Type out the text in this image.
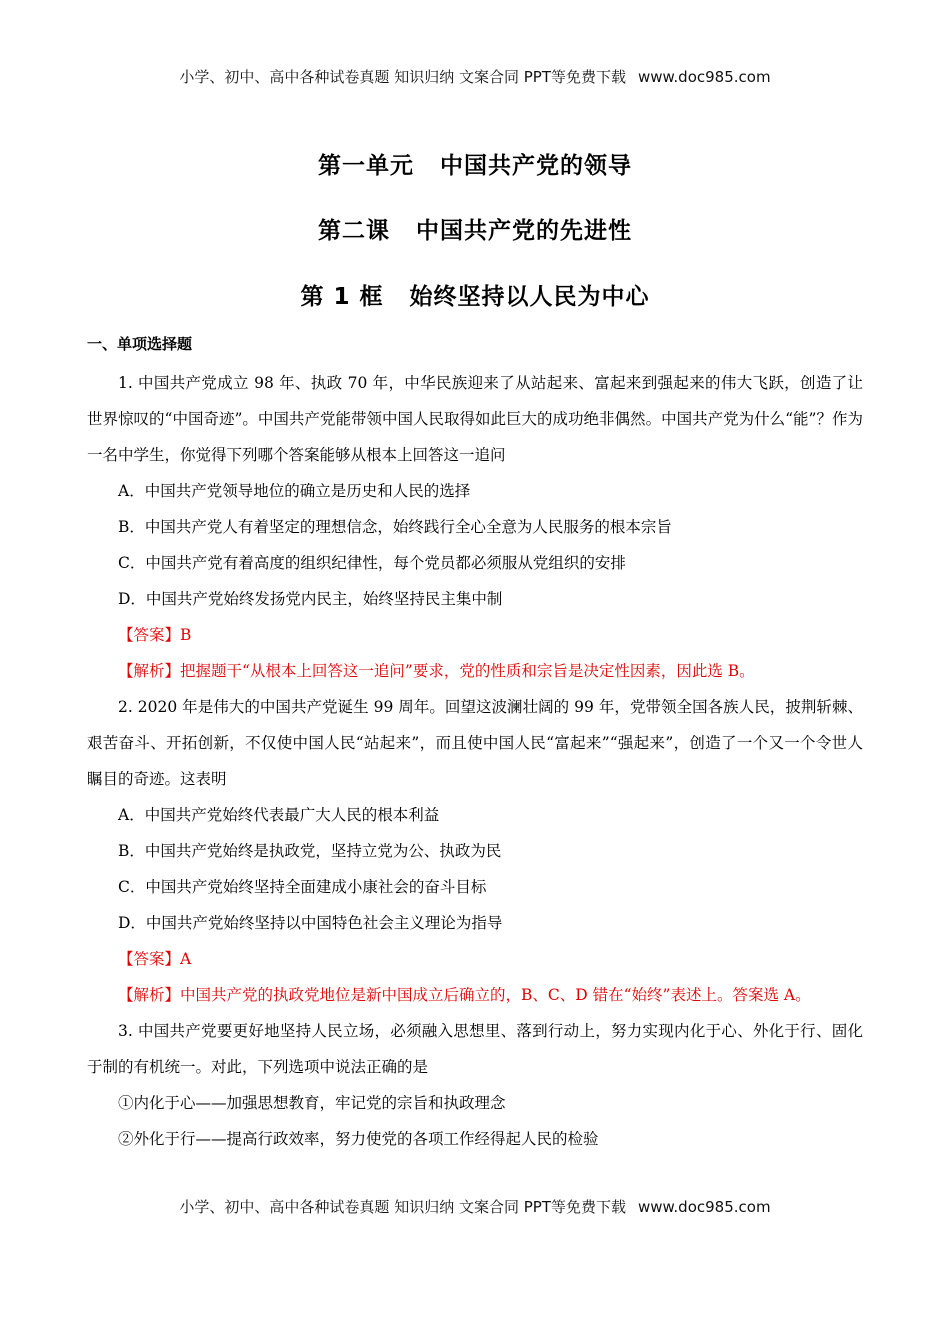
小学、初中、高中各种试卷真题 知识归纳 文案合同 PPT等免费下载 www.doc985.com
第一单元 中国共产党的领导
第二课 中国共产党的先进性
第 1 框 始终坚持以人民为中心
一、单项选择题

1. 中国共产党成立 98 年、执政 70 年，中华民族迎来了从站起来、富起来到强起来的伟大飞跃，创造了让世界惊叹的“中国奇迹”。中国共产党能带领中国人民取得如此巨大的成功绝非偶然。中国共产党为什么“能”？作为一名中学生，你觉得下列哪个答案能够从根本上回答这一追问

A．中国共产党领导地位的确立是历史和人民的选择

B．中国共产党人有着坚定的理想信念，始终践行全心全意为人民服务的根本宗旨

C．中国共产党有着高度的组织纪律性，每个党员都必须服从党组织的安排

D．中国共产党始终发扬党内民主，始终坚持民主集中制

【答案】B

【解析】把握题干“从根本上回答这一追问”要求，党的性质和宗旨是决定性因素，因此选 B。

2. 2020 年是伟大的中国共产党诞生 99 周年。回望这波澜壮阔的 99 年，党带领全国各族人民，披荆斩棘、艰苦奋斗、开拓创新，不仅使中国人民“站起来”，而且使中国人民“富起来”“强起来”，创造了一个又一个令世人瞩目的奇迹。这表明

A．中国共产党始终代表最广大人民的根本利益

B．中国共产党始终是执政党，坚持立党为公、执政为民

C．中国共产党始终坚持全面建成小康社会的奋斗目标

D．中国共产党始终坚持以中国特色社会主义理论为指导

【答案】A

【解析】中国共产党的执政党地位是新中国成立后确立的，B、C、D 错在“始终”表述上。答案选 A。

3. 中国共产党要更好地坚持人民立场，必须融入思想里、落到行动上，努力实现内化于心、外化于行、固化于制的有机统一。对此，下列选项中说法正确的是

①内化于心——加强思想教育，牢记党的宗旨和执政理念

②外化于行——提高行政效率，努力使党的各项工作经得起人民的检验

小学、初中、高中各种试卷真题 知识归纳 文案合同 PPT等免费下载 www.doc985.com
